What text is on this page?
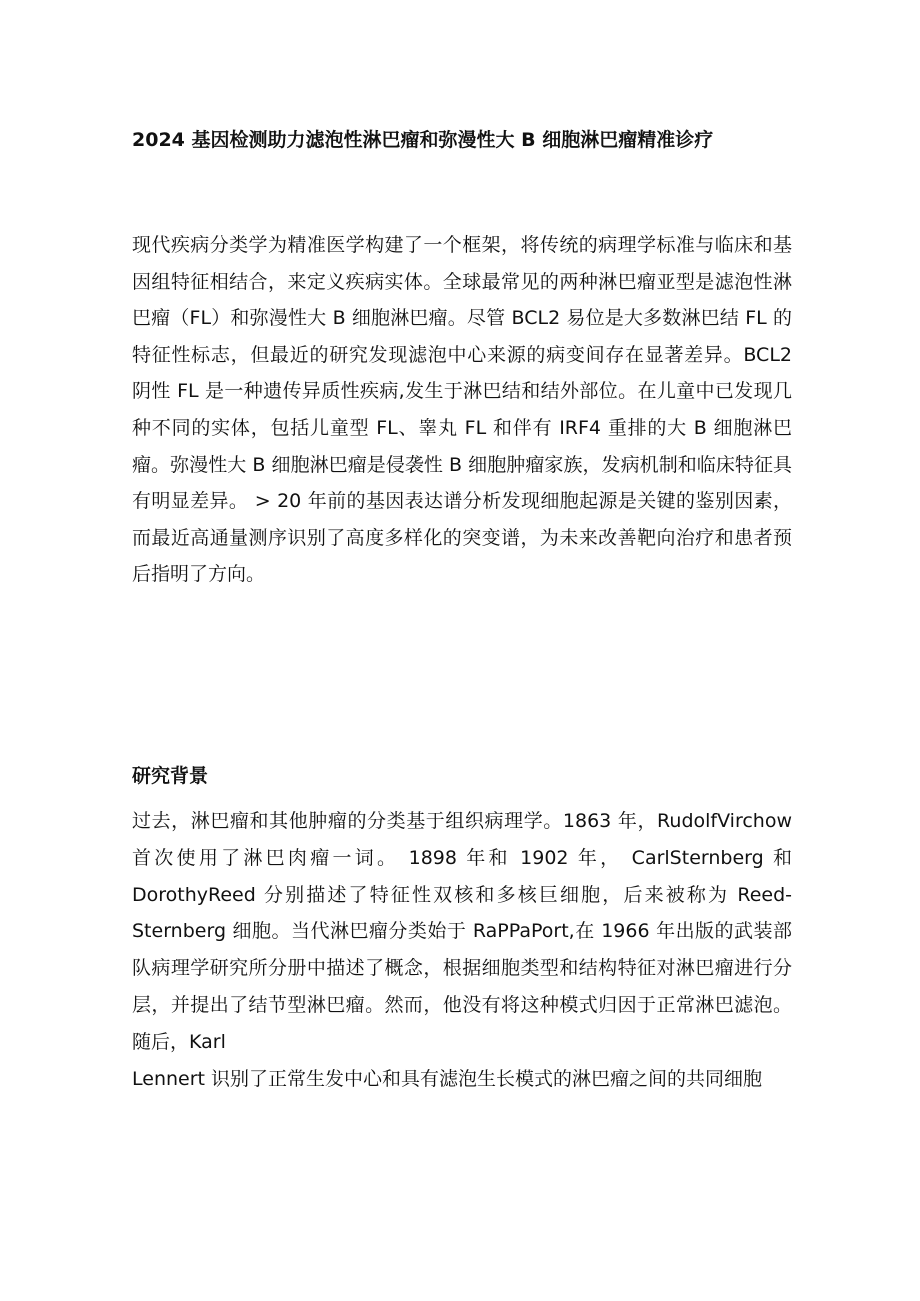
2024 基因检测助力滤泡性淋巴瘤和弥漫性大 B 细胞淋巴瘤精准诊疗

现代疾病分类学为精准医学构建了一个框架，将传统的病理学标准与临床和基因组特征相结合，来定义疾病实体。全球最常见的两种淋巴瘤亚型是滤泡性淋巴瘤（FL）和弥漫性大 B 细胞淋巴瘤。尽管 BCL2 易位是大多数淋巴结 FL 的特征性标志，但最近的研究发现滤泡中心来源的病变间存在显著差异。BCL2 阴性 FL 是一种遗传异质性疾病,发生于淋巴结和结外部位。在儿童中已发现几种不同的实体，包括儿童型 FL、睾丸 FL 和伴有 IRF4 重排的大 B 细胞淋巴瘤。弥漫性大 B 细胞淋巴瘤是侵袭性 B 细胞肿瘤家族，发病机制和临床特征具有明显差异。 > 20 年前的基因表达谱分析发现细胞起源是关键的鉴别因素，而最近高通量测序识别了高度多样化的突变谱，为未来改善靶向治疗和患者预后指明了方向。

研究背景

过去，淋巴瘤和其他肿瘤的分类基于组织病理学。1863 年，RudolfVirchow 首次使用了淋巴肉瘤一词。 1898 年和 1902 年， CarlSternberg 和 DorothyReed 分别描述了特征性双核和多核巨细胞，后来被称为 Reed-Sternberg 细胞。当代淋巴瘤分类始于 RaPPaPort,在 1966 年出版的武装部队病理学研究所分册中描述了概念，根据细胞类型和结构特征对淋巴瘤进行分层，并提出了结节型淋巴瘤。然而，他没有将这种模式归因于正常淋巴滤泡。随后，Karl

Lennert 识别了正常生发中心和具有滤泡生长模式的淋巴瘤之间的共同细胞
